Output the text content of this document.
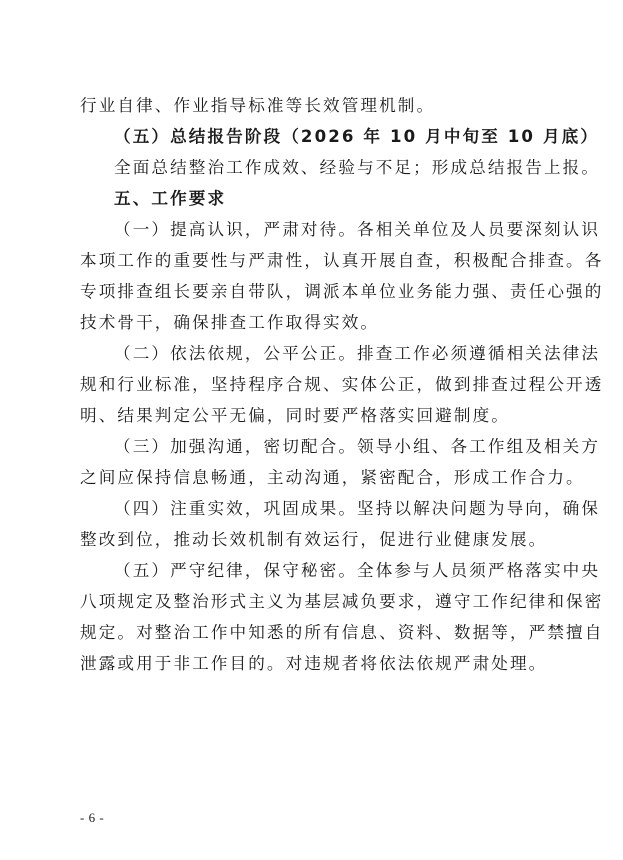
行业自律、作业指导标准等长效管理机制。
（五）总结报告阶段（2026 年 10 月中旬至 10 月底）
全面总结整治工作成效、经验与不足；形成总结报告上报。
五、工作要求
（一）提高认识，严肃对待。各相关单位及人员要深刻认识
本项工作的重要性与严肃性，认真开展自查，积极配合排查。各
专项排查组长要亲自带队，调派本单位业务能力强、责任心强的
技术骨干，确保排查工作取得实效。
（二）依法依规，公平公正。排查工作必须遵循相关法律法
规和行业标准，坚持程序合规、实体公正，做到排查过程公开透
明、结果判定公平无偏，同时要严格落实回避制度。
（三）加强沟通，密切配合。领导小组、各工作组及相关方
之间应保持信息畅通，主动沟通，紧密配合，形成工作合力。
（四）注重实效，巩固成果。坚持以解决问题为导向，确保
整改到位，推动长效机制有效运行，促进行业健康发展。
（五）严守纪律，保守秘密。全体参与人员须严格落实中央
八项规定及整治形式主义为基层减负要求，遵守工作纪律和保密
规定。对整治工作中知悉的所有信息、资料、数据等，严禁擅自
泄露或用于非工作目的。对违规者将依法依规严肃处理。
- 6 -
